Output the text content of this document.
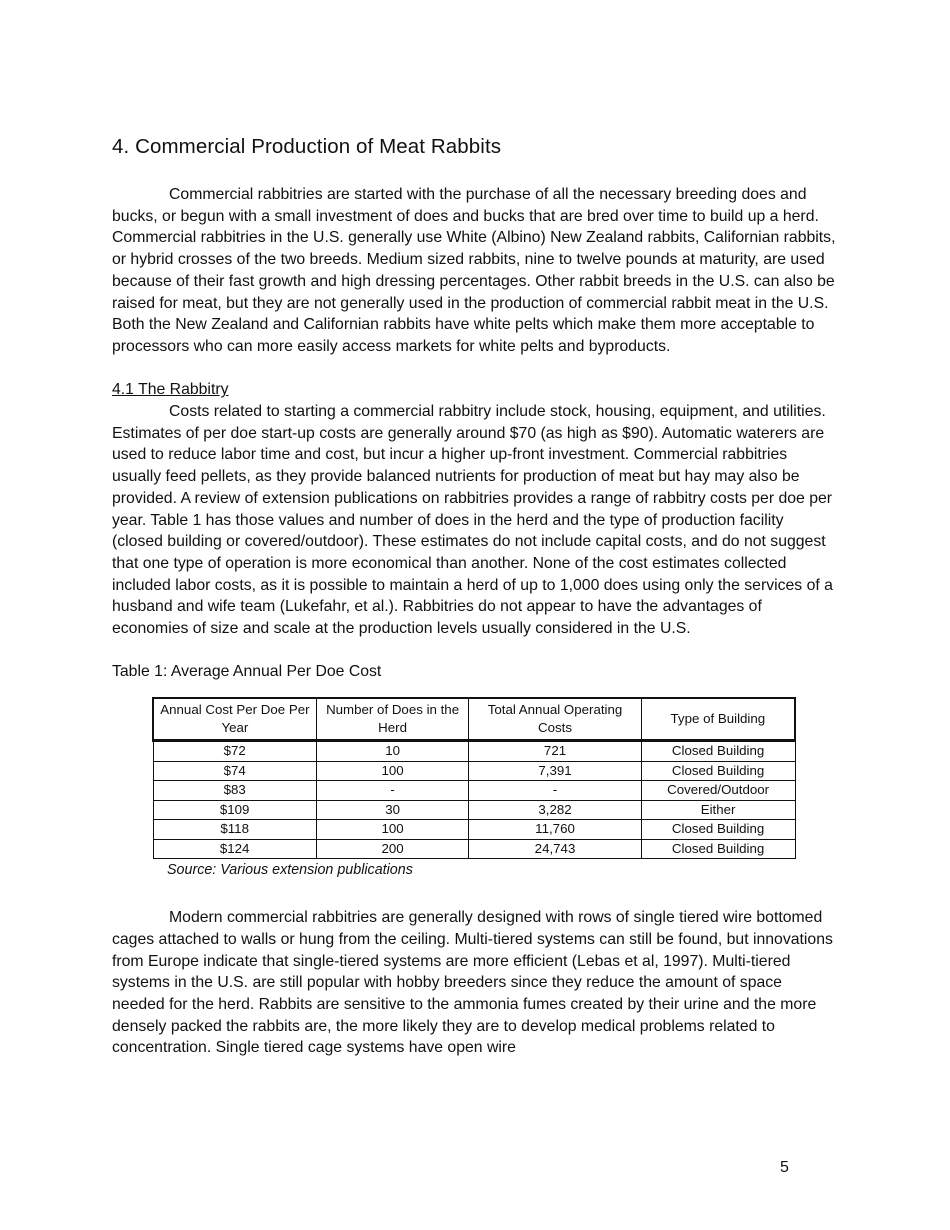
4. Commercial Production of Meat Rabbits

Commercial rabbitries are started with the purchase of all the necessary breeding does and bucks, or begun with a small investment of does and bucks that are bred over time to build up a herd. Commercial rabbitries in the U.S. generally use White (Albino) New Zealand rabbits, Californian rabbits, or hybrid crosses of the two breeds. Medium sized rabbits, nine to twelve pounds at maturity, are used because of their fast growth and high dressing percentages. Other rabbit breeds in the U.S. can also be raised for meat, but they are not generally used in the production of commercial rabbit meat in the U.S. Both the New Zealand and Californian rabbits have white pelts which make them more acceptable to processors who can more easily access markets for white pelts and byproducts.

4.1 The Rabbitry

Costs related to starting a commercial rabbitry include stock, housing, equipment, and utilities. Estimates of per doe start-up costs are generally around $70 (as high as $90). Automatic waterers are used to reduce labor time and cost, but incur a higher up-front investment. Commercial rabbitries usually feed pellets, as they provide balanced nutrients for production of meat but hay may also be provided. A review of extension publications on rabbitries provides a range of rabbitry costs per doe per year. Table 1 has those values and number of does in the herd and the type of production facility (closed building or covered/outdoor). These estimates do not include capital costs, and do not suggest that one type of operation is more economical than another. None of the cost estimates collected included labor costs, as it is possible to maintain a herd of up to 1,000 does using only the services of a husband and wife team (Lukefahr, et al.). Rabbitries do not appear to have the advantages of economies of size and scale at the production levels usually considered in the U.S.

Table 1: Average Annual Per Doe Cost

Annual Cost Per Doe Per Year	Number of Does in the Herd	Total Annual Operating Costs	Type of Building
$72	10	721	Closed Building
$74	100	7,391	Closed Building
$83	-	-	Covered/Outdoor
$109	30	3,282	Either
$118	100	11,760	Closed Building
$124	200	24,743	Closed Building

Source: Various extension publications

Modern commercial rabbitries are generally designed with rows of single tiered wire bottomed cages attached to walls or hung from the ceiling. Multi-tiered systems can still be found, but innovations from Europe indicate that single-tiered systems are more efficient (Lebas et al, 1997). Multi-tiered systems in the U.S. are still popular with hobby breeders since they reduce the amount of space needed for the herd. Rabbits are sensitive to the ammonia fumes created by their urine and the more densely packed the rabbits are, the more likely they are to develop medical problems related to concentration. Single tiered cage systems have open wire

5
